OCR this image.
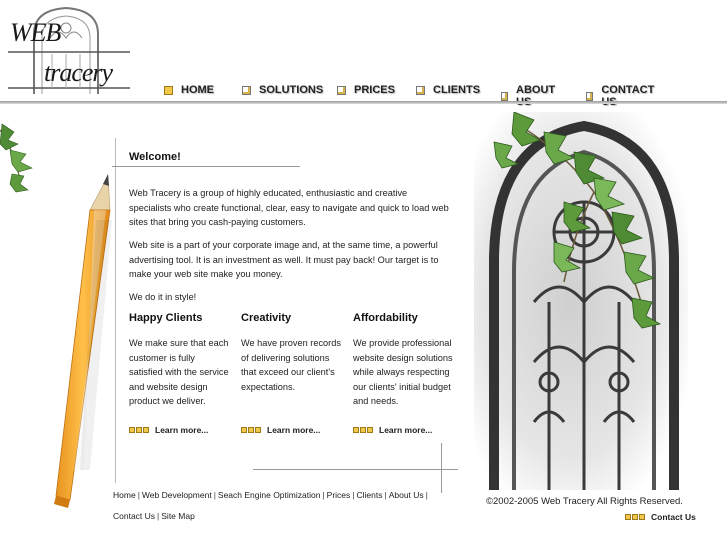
WEB
tracery
HOME	SOLUTIONS	PRICES	CLIENTS	ABOUT	CONTACT
Welcome!

Web Tracery is a group of highly educated, enthusiastic and creative specialists who create functional, clear, easy to navigate and quick to load web sites that bring you cash-paying customers.

Web site is a part of your corporate image and, at the same time, a powerful advertising tool. It is an investment as well. It must pay back! Our target is to make your web site make you money.

We do it in style!

Happy Clients
We make sure that each customer is fully satisfied with the service and website design product we deliver.
Creativity
We have proven records of delivering solutions that exceed our client's expectations.
Affordability
We provide professional website design solutions while always respecting our clients' initial budget and needs.
Learn more...	Learn more...	Learn more...
Home | Web Development | Seach Engine Optimization | Prices | Clients | About Us |
Contact Us | Site Map
©2002-2005 Web Tracery All Rights Reserved.
Contact Us
